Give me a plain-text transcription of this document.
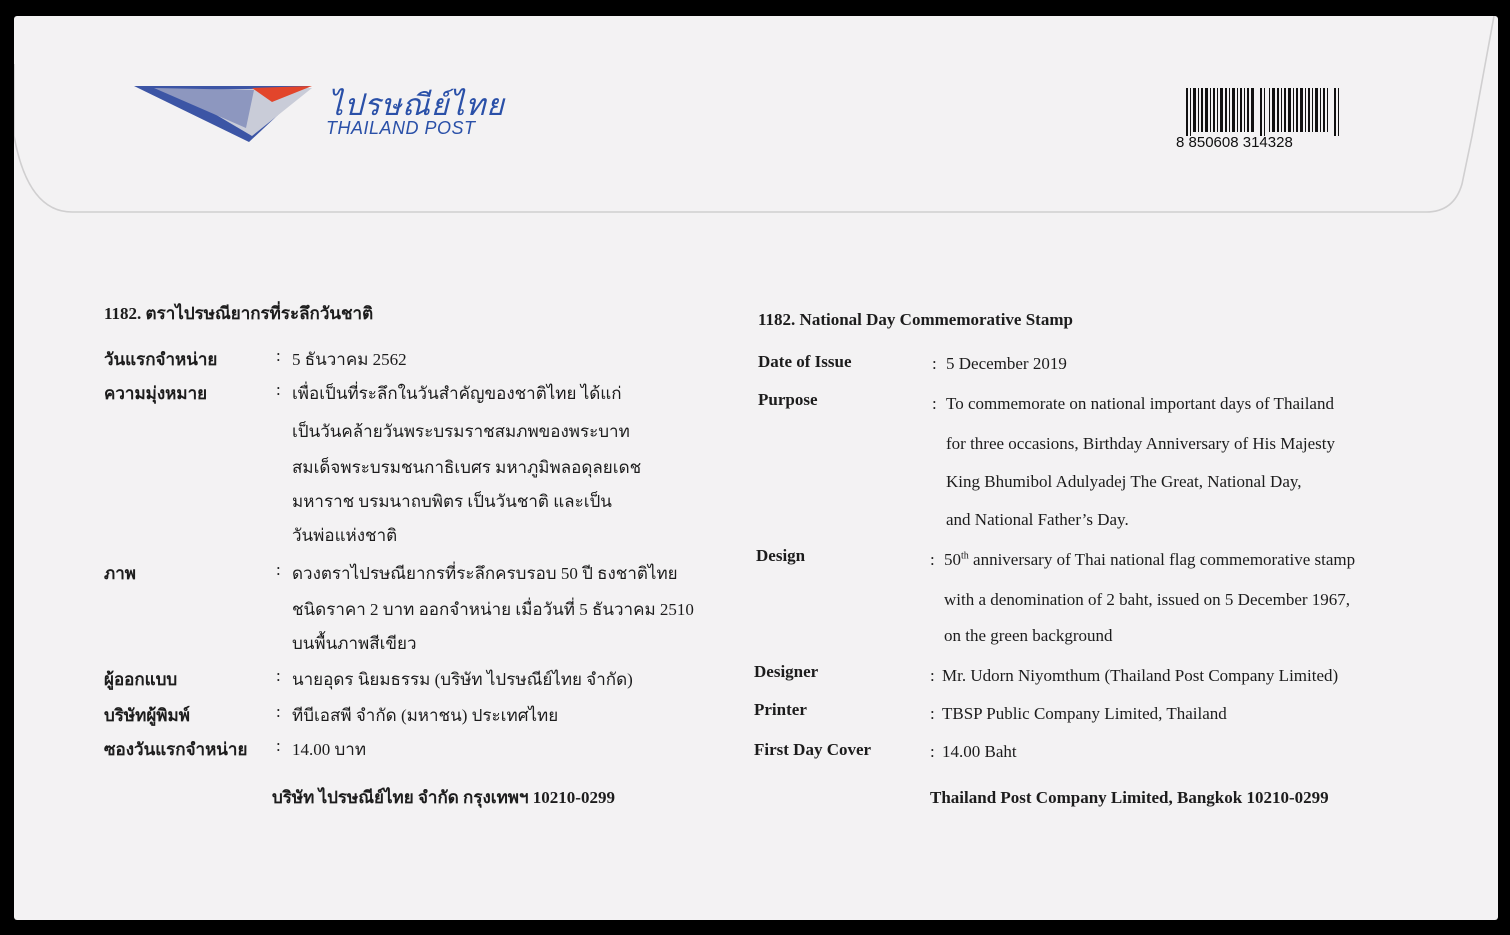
ไปรษณีย์ไทย
THAILAND POST
8 850608 314328
1182. ตราไปรษณียากรที่ระลึกวันชาติ
วันแรกจำหน่าย	: 5 ธันวาคม 2562
ความมุ่งหมาย	: เพื่อเป็นที่ระลึกในวันสำคัญของชาติไทย ได้แก่
เป็นวันคล้ายวันพระบรมราชสมภพของพระบาท
สมเด็จพระบรมชนกาธิเบศร มหาภูมิพลอดุลยเดช
มหาราช บรมนาถบพิตร เป็นวันชาติ และเป็น
วันพ่อแห่งชาติ
ภาพ	: ดวงตราไปรษณียากรที่ระลึกครบรอบ 50 ปี ธงชาติไทย
ชนิดราคา 2 บาท ออกจำหน่าย เมื่อวันที่ 5 ธันวาคม 2510
บนพื้นภาพสีเขียว
ผู้ออกแบบ	: นายอุดร นิยมธรรม (บริษัท ไปรษณีย์ไทย จำกัด)
บริษัทผู้พิมพ์	: ทีบีเอสพี จำกัด (มหาชน) ประเทศไทย
ซองวันแรกจำหน่าย : 14.00 บาท
บริษัท ไปรษณีย์ไทย จำกัด กรุงเทพฯ 10210-0299
1182. National Day Commemorative Stamp
Date of Issue	: 5 December 2019
Purpose	: To commemorate on national important days of Thailand
for three occasions, Birthday Anniversary of His Majesty
King Bhumibol Adulyadej The Great, National Day,
and National Father’s Day.
Design	: 50th anniversary of Thai national flag commemorative stamp
with a denomination of 2 baht, issued on 5 December 1967,
on the green background
Designer	: Mr. Udorn Niyomthum (Thailand Post Company Limited)
Printer	: TBSP Public Company Limited, Thailand
First Day Cover	: 14.00 Baht
Thailand Post Company Limited, Bangkok 10210-0299
